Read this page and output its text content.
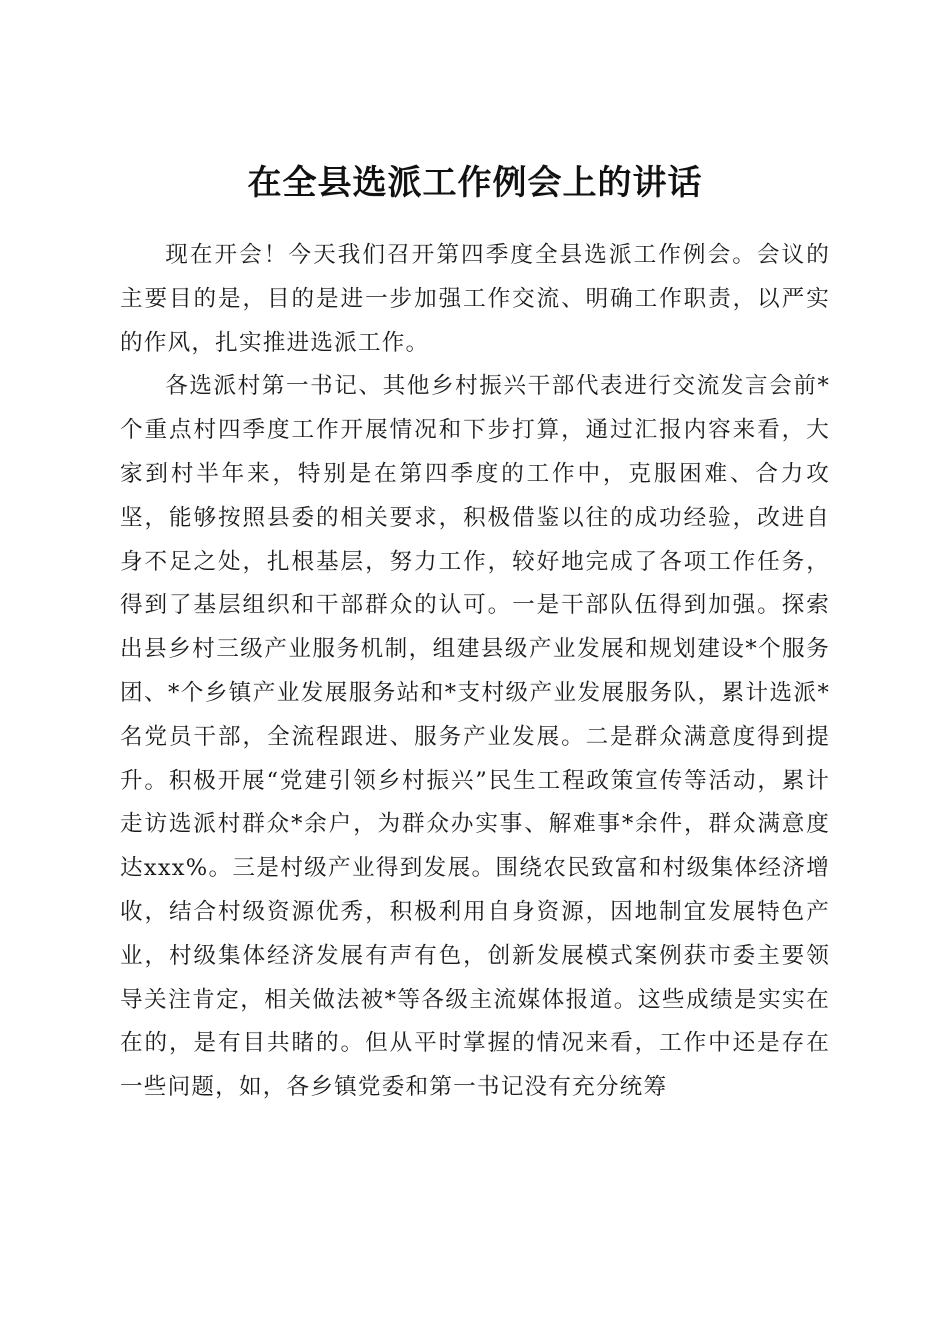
在全县选派工作例会上的讲话

现在开会！今天我们召开第四季度全县选派工作例会。会议的主要目的是，目的是进一步加强工作交流、明确工作职责，以严实的作风，扎实推进选派工作。

各选派村第一书记、其他乡村振兴干部代表进行交流发言会前*个重点村四季度工作开展情况和下步打算，通过汇报内容来看，大家到村半年来，特别是在第四季度的工作中，克服困难、合力攻坚，能够按照县委的相关要求，积极借鉴以往的成功经验，改进自身不足之处，扎根基层，努力工作，较好地完成了各项工作任务，得到了基层组织和干部群众的认可。一是干部队伍得到加强。探索出县乡村三级产业服务机制，组建县级产业发展和规划建设*个服务团、*个乡镇产业发展服务站和*支村级产业发展服务队，累计选派*名党员干部，全流程跟进、服务产业发展。二是群众满意度得到提升。积极开展“党建引领乡村振兴”民生工程政策宣传等活动，累计走访选派村群众*余户，为群众办实事、解难事*余件，群众满意度达xxx%。三是村级产业得到发展。围绕农民致富和村级集体经济增收，结合村级资源优秀，积极利用自身资源，因地制宜发展特色产业，村级集体经济发展有声有色，创新发展模式案例获市委主要领导关注肯定，相关做法被*等各级主流媒体报道。这些成绩是实实在在的，是有目共睹的。但从平时掌握的情况来看，工作中还是存在一些问题，如，各乡镇党委和第一书记没有充分统筹
